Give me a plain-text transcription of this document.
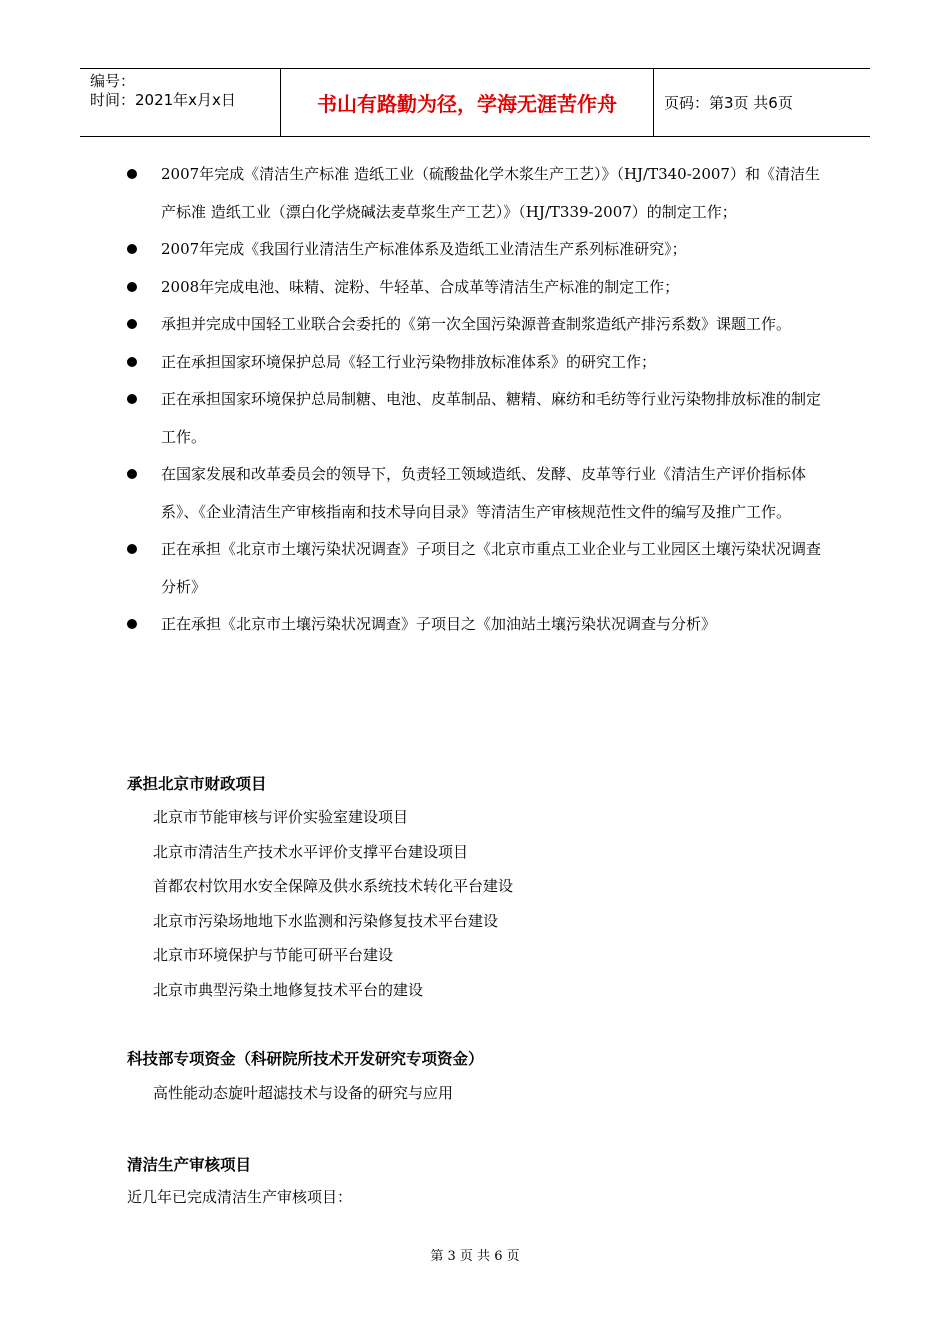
编号：
时间：2021年x月x日	书山有路勤为径，学海无涯苦作舟	页码：第3页 共6页
2007年完成《清洁生产标准 造纸工业（硫酸盐化学木浆生产工艺）》（HJ/T340-2007）和《清洁生产标准 造纸工业（漂白化学烧碱法麦草浆生产工艺）》（HJ/T339-2007）的制定工作；
2007年完成《我国行业清洁生产标准体系及造纸工业清洁生产系列标准研究》；
2008年完成电池、味精、淀粉、牛轻革、合成革等清洁生产标准的制定工作；
承担并完成中国轻工业联合会委托的《第一次全国污染源普查制浆造纸产排污系数》课题工作。
正在承担国家环境保护总局《轻工行业污染物排放标准体系》的研究工作；
正在承担国家环境保护总局制糖、电池、皮革制品、糖精、麻纺和毛纺等行业污染物排放标准的制定工作。
在国家发展和改革委员会的领导下，负责轻工领域造纸、发酵、皮革等行业《清洁生产评价指标体系》、《企业清洁生产审核指南和技术导向目录》等清洁生产审核规范性文件的编写及推广工作。
正在承担《北京市土壤污染状况调查》子项目之《北京市重点工业企业与工业园区土壤污染状况调查分析》
正在承担《北京市土壤污染状况调查》子项目之《加油站土壤污染状况调查与分析》
承担北京市财政项目
北京市节能审核与评价实验室建设项目
北京市清洁生产技术水平评价支撑平台建设项目
首都农村饮用水安全保障及供水系统技术转化平台建设
北京市污染场地地下水监测和污染修复技术平台建设
北京市环境保护与节能可研平台建设
北京市典型污染土地修复技术平台的建设
科技部专项资金（科研院所技术开发研究专项资金）
高性能动态旋叶超滤技术与设备的研究与应用
清洁生产审核项目
近几年已完成清洁生产审核项目：
第 3 页 共 6 页
